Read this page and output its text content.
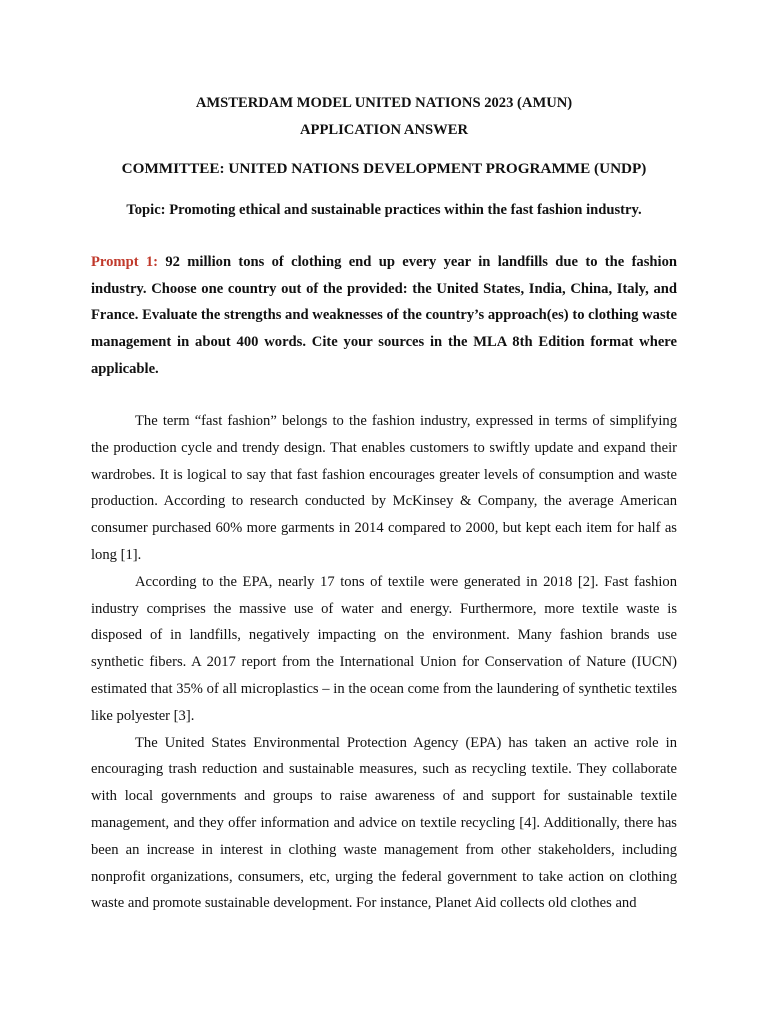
AMSTERDAM MODEL UNITED NATIONS 2023 (AMUN)

APPLICATION ANSWER

COMMITTEE: UNITED NATIONS DEVELOPMENT PROGRAMME (UNDP)

Topic: Promoting ethical and sustainable practices within the fast fashion industry.

Prompt 1: 92 million tons of clothing end up every year in landfills due to the fashion industry. Choose one country out of the provided: the United States, India, China, Italy, and France. Evaluate the strengths and weaknesses of the country’s approach(es) to clothing waste management in about 400 words. Cite your sources in the MLA 8th Edition format where applicable.

The term “fast fashion” belongs to the fashion industry, expressed in terms of simplifying the production cycle and trendy design. That enables customers to swiftly update and expand their wardrobes. It is logical to say that fast fashion encourages greater levels of consumption and waste production. According to research conducted by McKinsey & Company, the average American consumer purchased 60% more garments in 2014 compared to 2000, but kept each item for half as long [1].

According to the EPA, nearly 17 tons of textile were generated in 2018 [2]. Fast fashion industry comprises the massive use of water and energy. Furthermore, more textile waste is disposed of in landfills, negatively impacting on the environment. Many fashion brands use synthetic fibers. A 2017 report from the International Union for Conservation of Nature (IUCN) estimated that 35% of all microplastics – in the ocean come from the laundering of synthetic textiles like polyester [3].

The United States Environmental Protection Agency (EPA) has taken an active role in encouraging trash reduction and sustainable measures, such as recycling textile. They collaborate with local governments and groups to raise awareness of and support for sustainable textile management, and they offer information and advice on textile recycling [4]. Additionally, there has been an increase in interest in clothing waste management from other stakeholders, including nonprofit organizations, consumers, etc, urging the federal government to take action on clothing waste and promote sustainable development. For instance, Planet Aid collects old clothes and
